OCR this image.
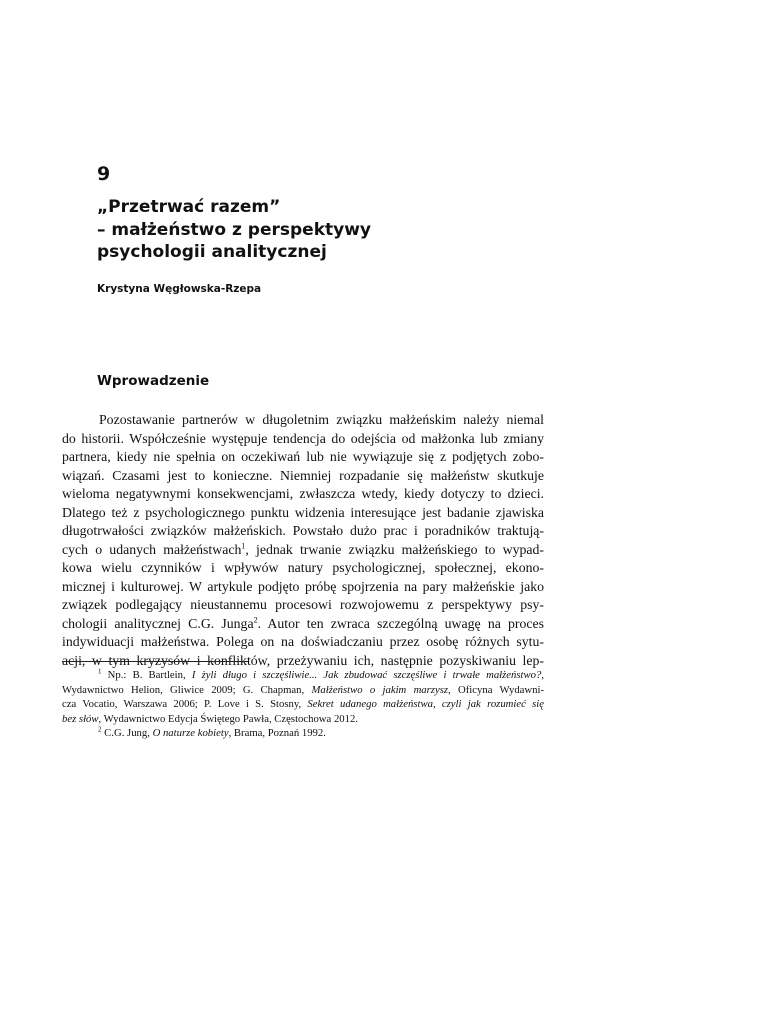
9
„Przetrwać razem”
– małżeństwo z perspektywy
psychologii analitycznej
Krystyna Węgłowska-Rzepa
Wprowadzenie
Pozostawanie partnerów w długoletnim związku małżeńskim należy niemal
do historii. Współcześnie występuje tendencja do odejścia od małżonka lub zmiany
partnera, kiedy nie spełnia on oczekiwań lub nie wywiązuje się z podjętych zobo-
wiązań. Czasami jest to konieczne. Niemniej rozpadanie się małżeństw skutkuje
wieloma negatywnymi konsekwencjami, zwłaszcza wtedy, kiedy dotyczy to dzieci.
Dlatego też z psychologicznego punktu widzenia interesujące jest badanie zjawiska
długotrwałości związków małżeńskich. Powstało dużo prac i poradników traktują-
cych o udanych małżeństwach$^1$, jednak trwanie związku małżeńskiego to wypad-
kowa wielu czynników i wpływów natury psychologicznej, społecznej, ekono-
micznej i kulturowej. W artykule podjęto próbę spojrzenia na pary małżeńskie jako
związek podlegający nieustannemu procesowi rozwojowemu z perspektywy psy-
chologii analitycznej C.G. Junga$^2$. Autor ten zwraca szczególną uwagę na proces
indywiduacji małżeństwa. Polega on na doświadczaniu przez osobę różnych sytu-
acji, w tym kryzysów i konfliktów, przeżywaniu ich, następnie pozyskiwaniu lep-
$^1$ Np.: B. Bartlein, I żyli długo i szczęśliwie... Jak zbudować szczęśliwe i trwałe małżeństwo?,
Wydawnictwo Helion, Gliwice 2009; G. Chapman, Małżeństwo o jakim marzysz, Oficyna Wydawni-
cza Vocatio, Warszawa 2006; P. Love i S. Stosny, Sekret udanego małżeństwa, czyli jak rozumieć się
bez słów, Wydawnictwo Edycja Świętego Pawła, Częstochowa 2012.
$^2$ C.G. Jung, O naturze kobiety, Brama, Poznań 1992.
